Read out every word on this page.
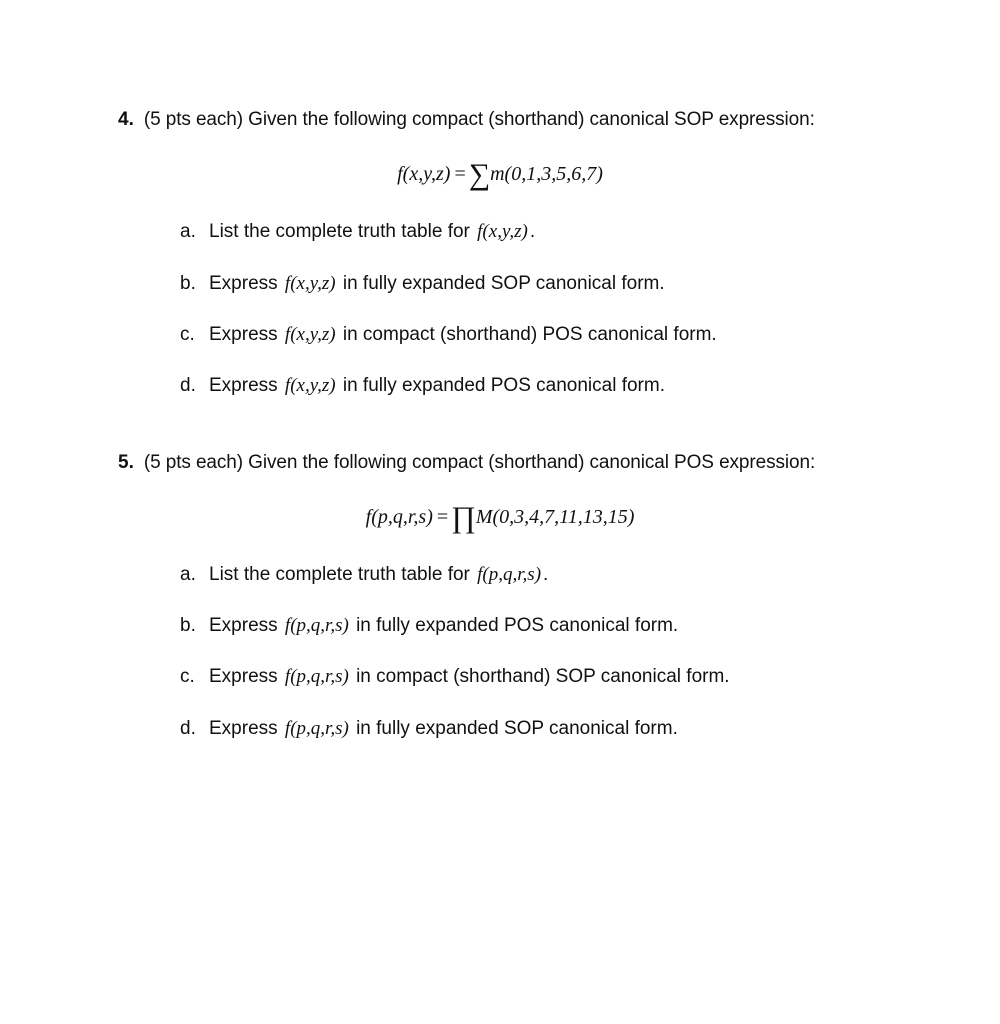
4. (5 pts each) Given the following compact (shorthand) canonical SOP expression:
f(x,y,z) = ∑m(0,1,3,5,6,7)
a. List the complete truth table for f(x,y,z) .
b. Express f(x,y,z) in fully expanded SOP canonical form.
c. Express f(x,y,z) in compact (shorthand) POS canonical form.
d. Express f(x,y,z) in fully expanded POS canonical form.
5. (5 pts each) Given the following compact (shorthand) canonical POS expression:
f(p,q,r,s) = ∏M(0,3,4,7,11,13,15)
a. List the complete truth table for f(p,q,r,s) .
b. Express f(p,q,r,s) in fully expanded POS canonical form.
c. Express f(p,q,r,s) in compact (shorthand) SOP canonical form.
d. Express f(p,q,r,s) in fully expanded SOP canonical form.
